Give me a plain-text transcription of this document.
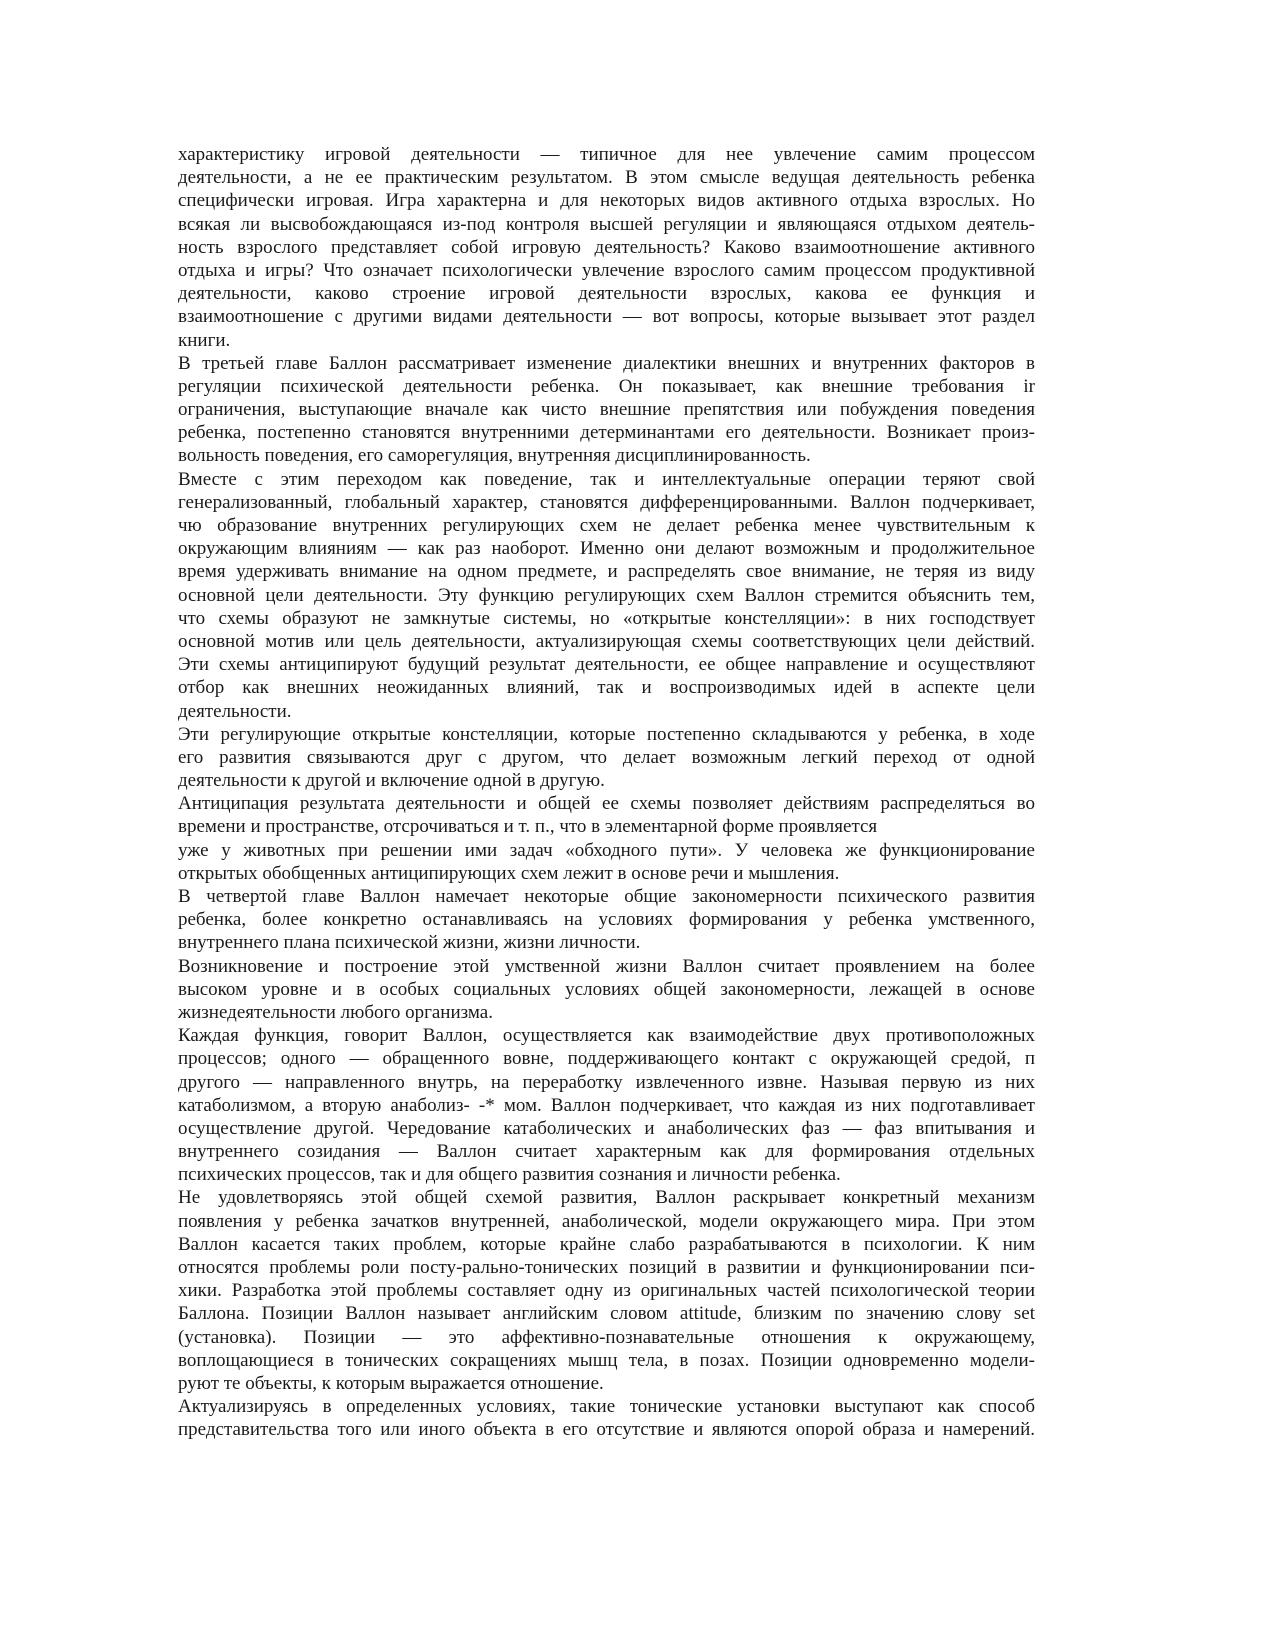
характеристику игровой деятельности — типичное для нее увлечение самим процессом
деятельности, а не ее практическим результатом. В этом смысле ведущая деятельность ребенка
специфически игровая. Игра характерна и для некоторых видов активного отдыха взрослых. Но
всякая ли высвобождающаяся из-под контроля высшей регуляции и являющаяся отдыхом деятель-
ность взрослого представляет собой игровую деятельность? Каково взаимоотношение активного
отдыха и игры? Что означает психологически увлечение взрослого самим процессом продуктивной
деятельности, каково строение игровой деятельности взрослых, какова ее функция и
взаимоотношение с другими видами деятельности — вот вопросы, которые вызывает этот раздел
книги.
В третьей главе Баллон рассматривает изменение диалектики внешних и внутренних факторов в
регуляции психической деятельности ребенка. Он показывает, как внешние требования ir
ограничения, выступающие вначале как чисто внешние препятствия или побуждения поведения
ребенка, постепенно становятся внутренними детерминантами его деятельности. Возникает произ-
вольность поведения, его саморегуляция, внутренняя дисциплинированность.
Вместе с этим переходом как поведение, так и интеллектуальные операции теряют свой
генерализованный, глобальный характер, становятся дифференцированными. Валлон подчеркивает,
чю образование внутренних регулирующих схем не делает ребенка менее чувствительным к
окружающим влияниям — как раз наоборот. Именно они делают возможным и продолжительное
время удерживать внимание на одном предмете, и распределять свое внимание, не теряя из виду
основной цели деятельности. Эту функцию регулирующих схем Валлон стремится объяснить тем,
что схемы образуют не замкнутые системы, но «открытые констелляции»: в них господствует
основной мотив или цель деятельности, актуализирующая схемы соответствующих цели действий.
Эти схемы антиципируют будущий результат деятельности, ее общее направление и осуществляют
отбор как внешних неожиданных влияний, так и воспроизводимых идей в аспекте цели
деятельности.
Эти регулирующие открытые констелляции, которые постепенно складываются у ребенка, в ходе
его развития связываются друг с другом, что делает возможным легкий переход от одной
деятельности к другой и включение одной в другую.
Антиципация результата деятельности и общей ее схемы позволяет действиям распределяться во
времени и пространстве, отсрочиваться и т. п., что в элементарной форме проявляется
уже у животных при решении ими задач «обходного пути». У человека же функционирование
открытых обобщенных антиципирующих схем лежит в основе речи и мышления.
В четвертой главе Валлон намечает некоторые общие закономерности психического развития
ребенка, более конкретно останавливаясь на условиях формирования у ребенка умственного,
внутреннего плана психической жизни, жизни личности.
Возникновение и построение этой умственной жизни Валлон считает проявлением на более
высоком уровне и в особых социальных условиях общей закономерности, лежащей в основе
жизнедеятельности любого организма.
Каждая функция, говорит Валлон, осуществляется как взаимодействие двух противоположных
процессов; одного — обращенного вовне, поддерживающего контакт с окружающей средой, п
другого — направленного внутрь, на переработку извлеченного извне. Называя первую из них
катаболизмом, а вторую анаболиз- -* мом. Валлон подчеркивает, что каждая из них подготавливает
осуществление другой. Чередование катаболических и анаболических фаз — фаз впитывания и
внутреннего созидания — Валлон считает характерным как для формирования отдельных
психических процессов, так и для общего развития сознания и личности ребенка.
Не удовлетворяясь этой общей схемой развития, Валлон раскрывает конкретный механизм
появления у ребенка зачатков внутренней, анаболической, модели окружающего мира. При этом
Валлон касается таких проблем, которые крайне слабо разрабатываются в психологии. К ним
относятся проблемы роли посту-рально-тонических позиций в развитии и функционировании пси-
хики. Разработка этой проблемы составляет одну из оригинальных частей психологической теории
Баллона. Позиции Валлон называет английским словом attitude, близким по значению слову set
(установка). Позиции — это аффективно-познавательные отношения к окружающему,
воплощающиеся в тонических сокращениях мышц тела, в позах. Позиции одновременно модели-
руют те объекты, к которым выражается отношение.
Актуализируясь в определенных условиях, такие тонические установки выступают как способ
представительства того или иного объекта в его отсутствие и являются опорой образа и намерений.
